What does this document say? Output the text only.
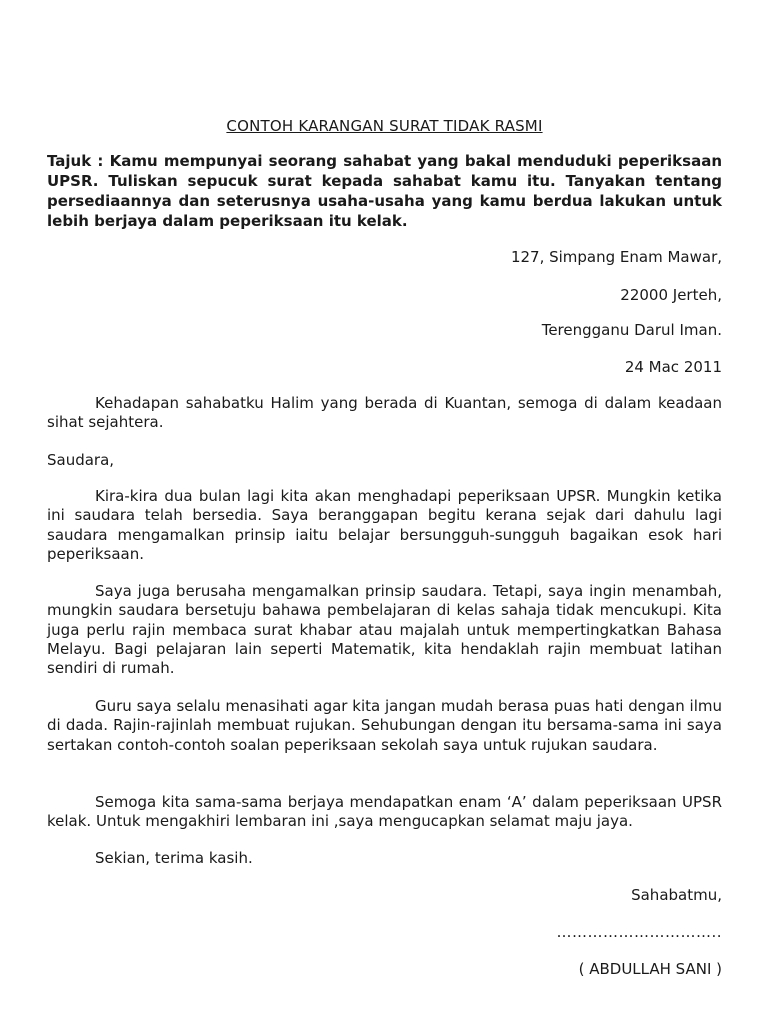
CONTOH KARANGAN SURAT TIDAK RASMI
Tajuk : Kamu mempunyai seorang sahabat yang bakal menduduki peperiksaan UPSR. Tuliskan sepucuk surat kepada sahabat kamu itu. Tanyakan tentang persediaannya dan seterusnya usaha-usaha yang kamu berdua lakukan untuk lebih berjaya dalam peperiksaan itu kelak.
127, Simpang Enam Mawar,
22000 Jerteh,
Terengganu Darul Iman.
24 Mac 2011
Kehadapan sahabatku Halim yang berada di Kuantan, semoga di dalam keadaan sihat sejahtera.
Saudara,
Kira-kira dua bulan lagi kita akan menghadapi peperiksaan UPSR. Mungkin ketika ini saudara telah bersedia. Saya beranggapan begitu kerana sejak dari dahulu lagi saudara mengamalkan prinsip iaitu belajar bersungguh-sungguh bagaikan esok hari peperiksaan.
Saya juga berusaha mengamalkan prinsip saudara. Tetapi, saya ingin menambah, mungkin saudara bersetuju bahawa pembelajaran di kelas sahaja tidak mencukupi. Kita juga perlu rajin membaca surat khabar atau majalah untuk mempertingkatkan Bahasa Melayu. Bagi pelajaran lain seperti Matematik, kita hendaklah rajin membuat latihan sendiri di rumah.
Guru saya selalu menasihati agar kita jangan mudah berasa puas hati dengan ilmu di dada. Rajin-rajinlah membuat rujukan. Sehubungan dengan itu bersama-sama ini saya sertakan contoh-contoh soalan peperiksaan sekolah saya untuk rujukan saudara.
Semoga kita sama-sama berjaya mendapatkan enam ‘A’ dalam peperiksaan UPSR kelak. Untuk mengakhiri lembaran ini ,saya mengucapkan selamat maju jaya.
Sekian, terima kasih.
Sahabatmu,
…………………………..
( ABDULLAH SANI )
